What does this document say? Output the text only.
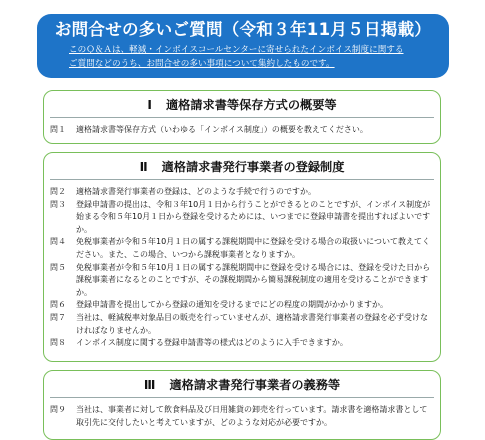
お問合せの多いご質問（令和３年11月５日掲載）
このＱ＆Ａは、軽減・インボイスコールセンターに寄せられたインボイス制度に関する
ご質問などのうち、お問合せの多い事項について集約したものです。
Ⅰ 適格請求書等保存方式の概要等
問１	適格請求書等保存方式（いわゆる「インボイス制度」）の概要を教えてください。
Ⅱ 適格請求書発行事業者の登録制度
問２	適格請求書発行事業者の登録は、どのような手続で行うのですか。
問３	登録申請書の提出は、令和３年10月１日から行うことができるとのことですが、インボイス制度が始まる令和５年10月１日から登録を受けるためには、いつまでに登録申請書を提出すればよいですか。
問４	免税事業者が令和５年10月１日の属する課税期間中に登録を受ける場合の取扱いについて教えてください。また、この場合、いつから課税事業者となりますか。
問５	免税事業者が令和５年10月１日の属する課税期間中に登録を受ける場合には、登録を受けた日から課税事業者になるとのことですが、その課税期間から簡易課税制度の適用を受けることができますか。
問６	登録申請書を提出してから登録の通知を受けるまでにどの程度の期間がかかりますか。
問７	当社は、軽減税率対象品目の販売を行っていませんが、適格請求書発行事業者の登録を必ず受けなければなりませんか。
問８	インボイス制度に関する登録申請書等の様式はどのように入手できますか。
Ⅲ 適格請求書発行事業者の義務等
問９	当社は、事業者に対して飲食料品及び日用雑貨の卸売を行っています。請求書を適格請求書として取引先に交付したいと考えていますが、どのような対応が必要ですか。
